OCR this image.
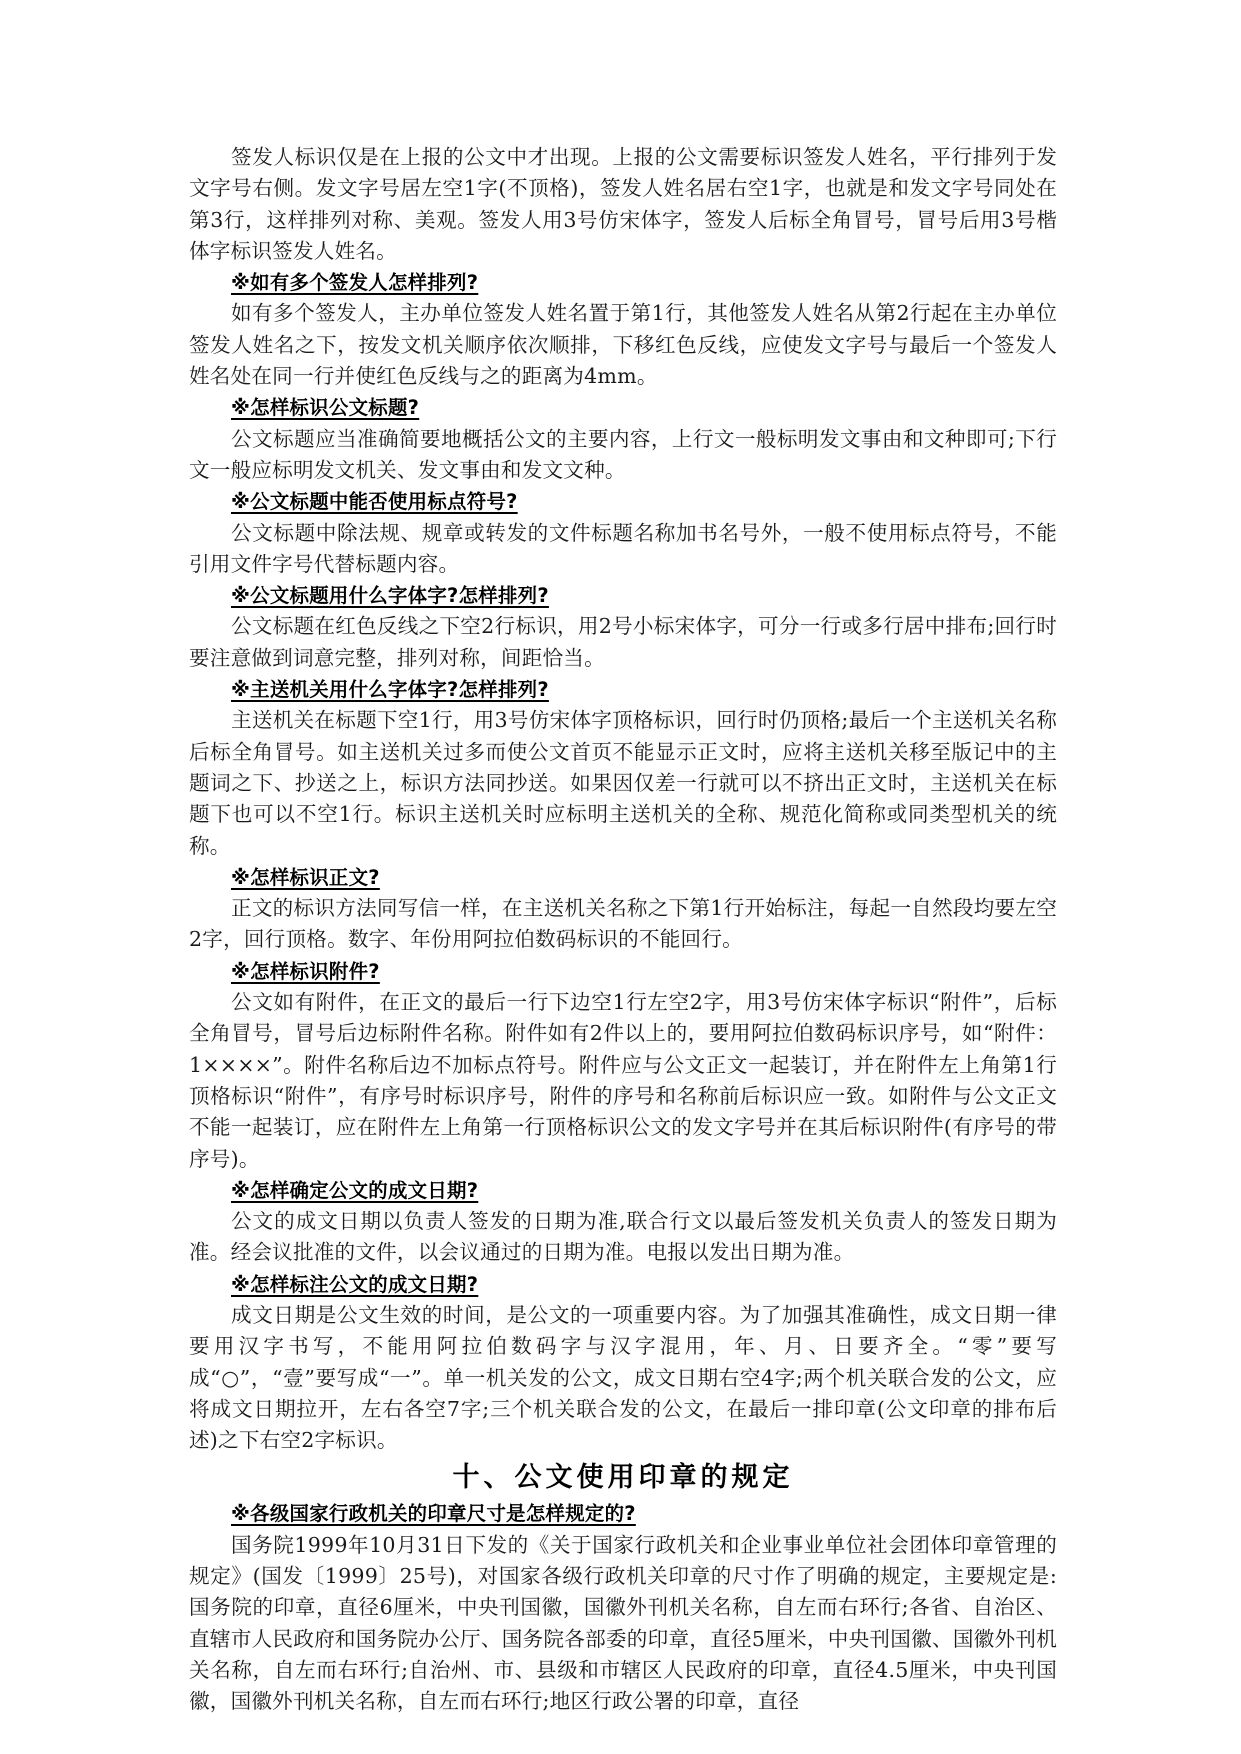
签发人标识仅是在上报的公文中才出现。上报的公文需要标识签发人姓名，平行排列于发文字号右侧。发文字号居左空1字(不顶格)，签发人姓名居右空1字，也就是和发文字号同处在第3行，这样排列对称、美观。签发人用3号仿宋体字，签发人后标全角冒号，冒号后用3号楷体字标识签发人姓名。

※如有多个签发人怎样排列?

如有多个签发人，主办单位签发人姓名置于第1行，其他签发人姓名从第2行起在主办单位签发人姓名之下，按发文机关顺序依次顺排，下移红色反线，应使发文字号与最后一个签发人姓名处在同一行并使红色反线与之的距离为4mm。

※怎样标识公文标题?

公文标题应当准确简要地概括公文的主要内容，上行文一般标明发文事由和文种即可;下行文一般应标明发文机关、发文事由和发文文种。

※公文标题中能否使用标点符号?

公文标题中除法规、规章或转发的文件标题名称加书名号外，一般不使用标点符号，不能引用文件字号代替标题内容。

※公文标题用什么字体字?怎样排列?

公文标题在红色反线之下空2行标识，用2号小标宋体字，可分一行或多行居中排布;回行时要注意做到词意完整，排列对称，间距恰当。

※主送机关用什么字体字?怎样排列?

主送机关在标题下空1行，用3号仿宋体字顶格标识，回行时仍顶格;最后一个主送机关名称后标全角冒号。如主送机关过多而使公文首页不能显示正文时，应将主送机关移至版记中的主题词之下、抄送之上，标识方法同抄送。如果因仅差一行就可以不挤出正文时，主送机关在标题下也可以不空1行。标识主送机关时应标明主送机关的全称、规范化简称或同类型机关的统称。

※怎样标识正文?

正文的标识方法同写信一样，在主送机关名称之下第1行开始标注，每起一自然段均要左空2字，回行顶格。数字、年份用阿拉伯数码标识的不能回行。

※怎样标识附件?

公文如有附件，在正文的最后一行下边空1行左空2字，用3号仿宋体字标识“附件”，后标全角冒号，冒号后边标附件名称。附件如有2件以上的，要用阿拉伯数码标识序号，如“附件：1××××”。附件名称后边不加标点符号。附件应与公文正文一起装订，并在附件左上角第1行顶格标识“附件”，有序号时标识序号，附件的序号和名称前后标识应一致。如附件与公文正文不能一起装订，应在附件左上角第一行顶格标识公文的发文字号并在其后标识附件(有序号的带序号)。

※怎样确定公文的成文日期?

公文的成文日期以负责人签发的日期为准,联合行文以最后签发机关负责人的签发日期为准。经会议批准的文件，以会议通过的日期为准。电报以发出日期为准。

※怎样标注公文的成文日期?

成文日期是公文生效的时间，是公文的一项重要内容。为了加强其准确性，成文日期一律要用汉字书写，不能用阿拉伯数码字与汉字混用，年、月、日要齐全。“零”要写成“○”，“壹”要写成“一”。单一机关发的公文，成文日期右空4字;两个机关联合发的公文，应将成文日期拉开，左右各空7字;三个机关联合发的公文，在最后一排印章(公文印章的排布后述)之下右空2字标识。

十、公文使用印章的规定

※各级国家行政机关的印章尺寸是怎样规定的?

国务院1999年10月31日下发的《关于国家行政机关和企业事业单位社会团体印章管理的规定》(国发〔1999〕25号)，对国家各级行政机关印章的尺寸作了明确的规定，主要规定是:国务院的印章，直径6厘米，中央刊国徽，国徽外刊机关名称，自左而右环行;各省、自治区、直辖市人民政府和国务院办公厅、国务院各部委的印章，直径5厘米，中央刊国徽、国徽外刊机关名称，自左而右环行;自治州、市、县级和市辖区人民政府的印章，直径4.5厘米，中央刊国徽，国徽外刊机关名称，自左而右环行;地区行政公署的印章，直径
